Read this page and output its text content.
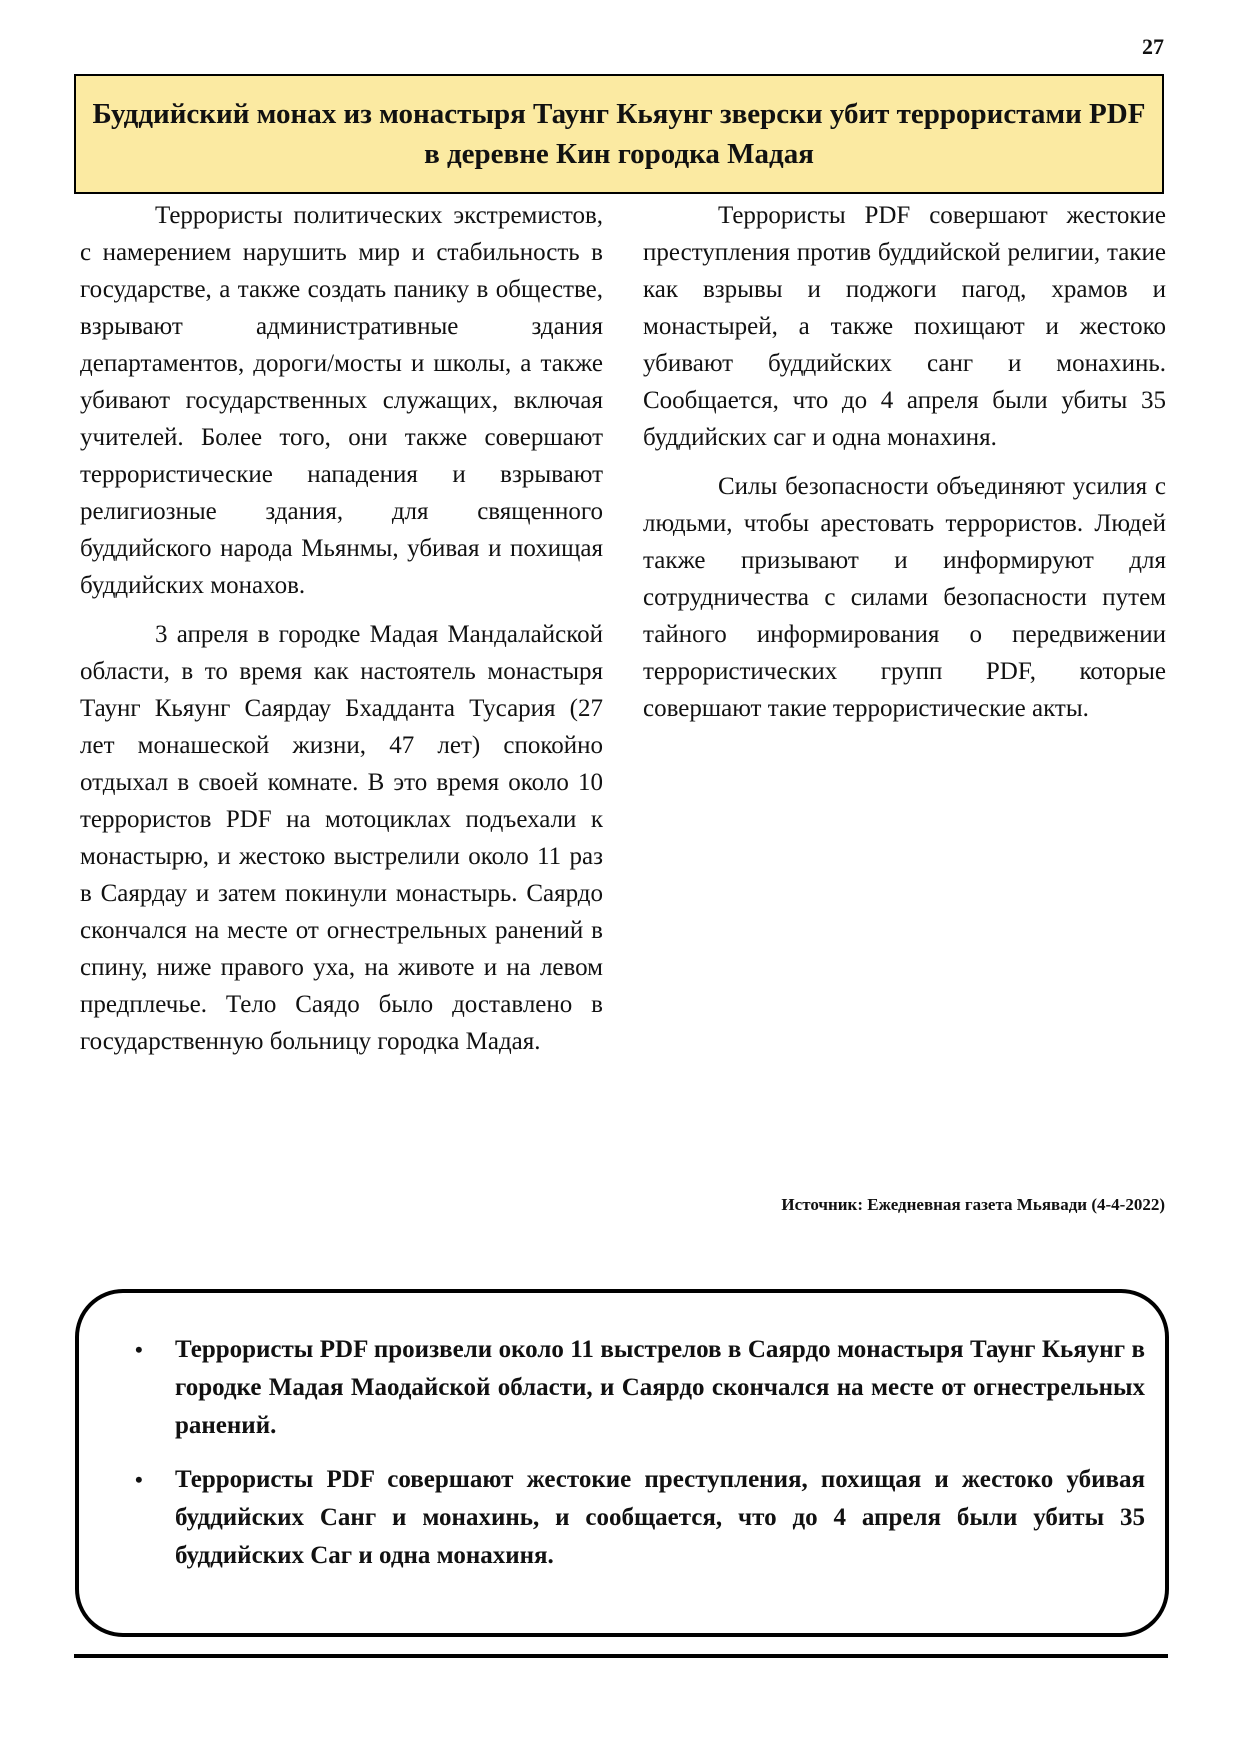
27
Буддийский монах из монастыря Таунг Кьяунг зверски убит террористами PDF в деревне Кин городка Мадая

Террористы политических экстремистов, с намерением нарушить мир и стабильность в государстве, а также создать панику в обществе, взрывают административные здания департаментов, дороги/мосты и школы, а также убивают государственных служащих, включая учителей. Более того, они также совершают террористические нападения и взрывают религиозные здания, для священного буддийского народа Мьянмы, убивая и похищая буддийских монахов.

3 апреля в городке Мадая Мандалайской области, в то время как настоятель монастыря Таунг Кьяунг Саярдау Бхадданта Тусария (27 лет монашеской жизни, 47 лет) спокойно отдыхал в своей комнате. В это время около 10 террористов PDF на мотоциклах подъехали к монастырю, и жестоко выстрелили около 11 раз в Саярдау и затем покинули монастырь. Саярдо скончался на месте от огнестрельных ранений в спину, ниже правого уха, на животе и на левом предплечье. Тело Саядо было доставлено в государственную больницу городка Мадая.

Террористы PDF совершают жестокие преступления против буддийской религии, такие как взрывы и поджоги пагод, храмов и монастырей, а также похищают и жестоко убивают буддийских санг и монахинь. Сообщается, что до 4 апреля были убиты 35 буддийских саг и одна монахиня.

Силы безопасности объединяют усилия с людьми, чтобы арестовать террористов. Людей также призывают и информируют для сотрудничества с силами безопасности путем тайного информирования о передвижении террористических групп PDF, которые совершают такие террористические акты.

Источник: Ежедневная газета Мьявади (4-4-2022)
• Террористы PDF произвели около 11 выстрелов в Саярдо монастыря Таунг Кьяунг в городке Мадая Маодайской области, и Саярдо скончался на месте от огнестрельных ранений.
• Террористы PDF совершают жестокие преступления, похищая и жестоко убивая буддийских Санг и монахинь, и сообщается, что до 4 апреля были убиты 35 буддийских Саг и одна монахиня.
